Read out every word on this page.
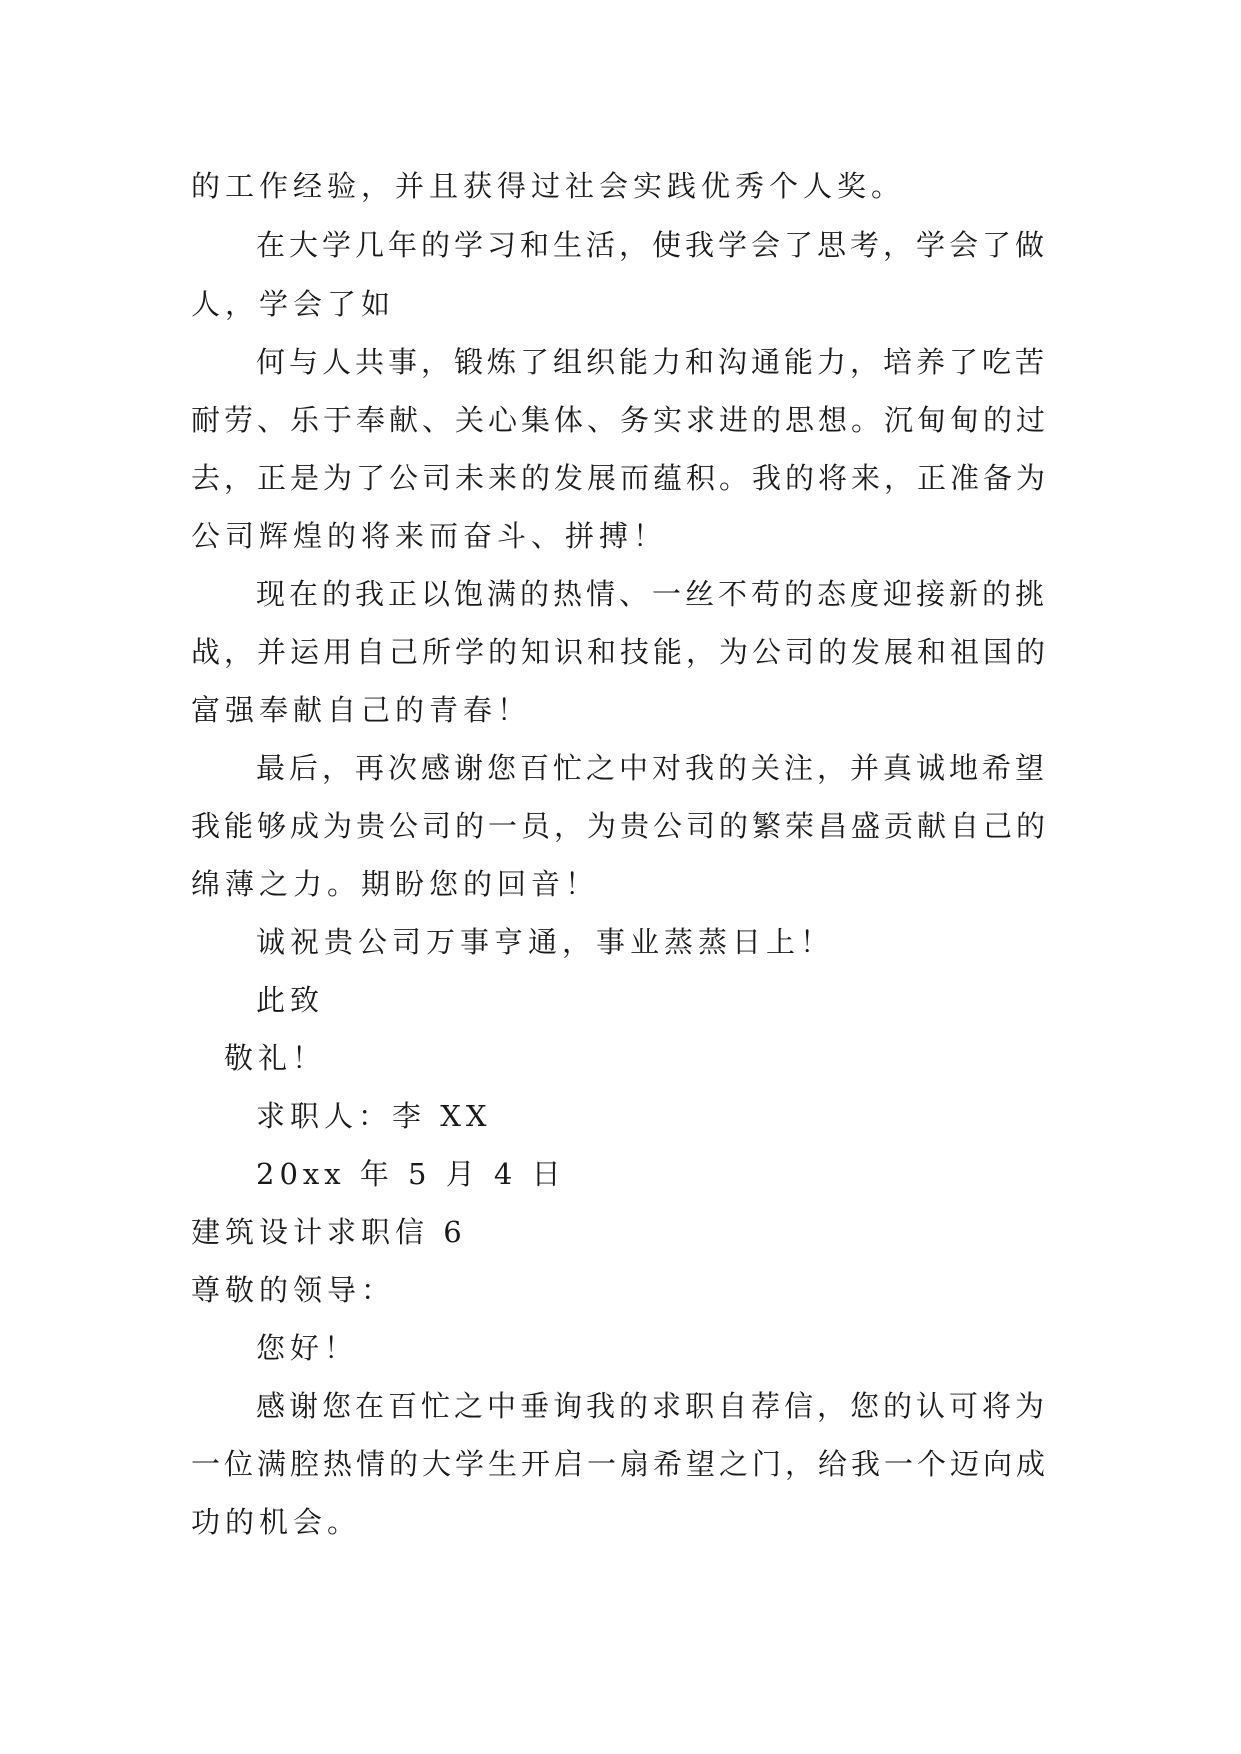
的工作经验，并且获得过社会实践优秀个人奖。
在大学几年的学习和生活，使我学会了思考，学会了做
人，学会了如
何与人共事，锻炼了组织能力和沟通能力，培养了吃苦
耐劳、乐于奉献、关心集体、务实求进的思想。沉甸甸的过
去，正是为了公司未来的发展而蕴积。我的将来，正准备为
公司辉煌的将来而奋斗、拼搏！
现在的我正以饱满的热情、一丝不苟的态度迎接新的挑
战，并运用自己所学的知识和技能，为公司的发展和祖国的
富强奉献自己的青春！
最后，再次感谢您百忙之中对我的关注，并真诚地希望
我能够成为贵公司的一员，为贵公司的繁荣昌盛贡献自己的
绵薄之力。期盼您的回音！
诚祝贵公司万事亨通，事业蒸蒸日上！
此致
敬礼！
求职人：李 XX
20xx 年 5 月 4 日
建筑设计求职信 6
尊敬的领导：
您好！
感谢您在百忙之中垂询我的求职自荐信，您的认可将为
一位满腔热情的大学生开启一扇希望之门，给我一个迈向成
功的机会。
